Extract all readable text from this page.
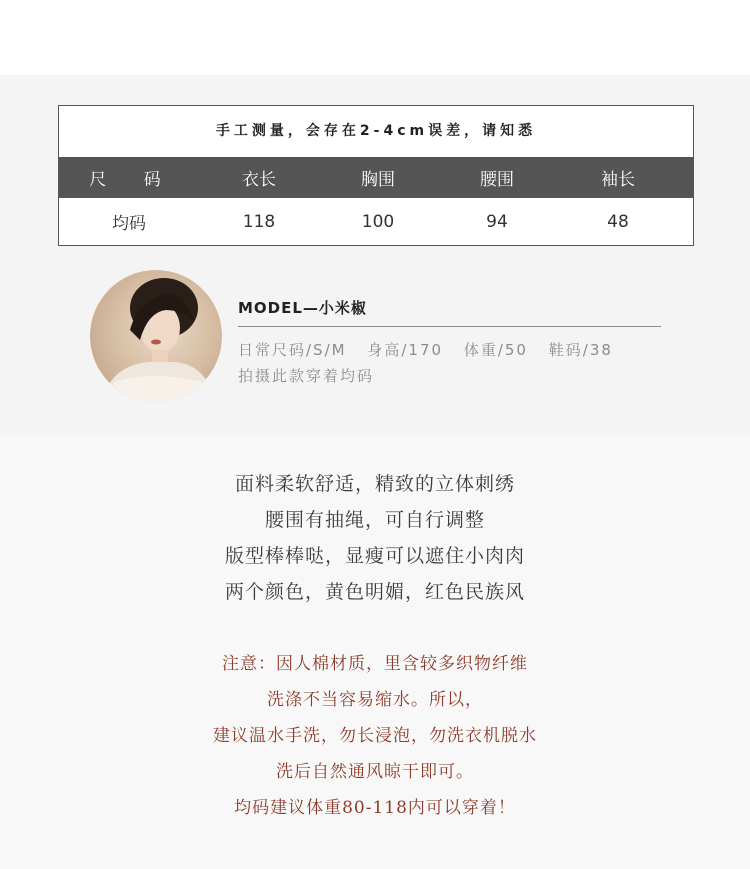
手工测量，会存在2-4cm误差，请知悉
尺 码	衣长	胸围	腰围	袖长
均码	118	100	94	48
MODEL—小米椒
日常尺码/S/M 身高/170 体重/50 鞋码/38
拍摄此款穿着均码
面料柔软舒适，精致的立体刺绣
腰围有抽绳，可自行调整
版型棒棒哒，显瘦可以遮住小肉肉
两个颜色，黄色明媚，红色民族风
注意：因人棉材质，里含较多织物纤维
洗涤不当容易缩水。所以，
建议温水手洗，勿长浸泡，勿洗衣机脱水
洗后自然通风晾干即可。
均码建议体重80-118内可以穿着！
